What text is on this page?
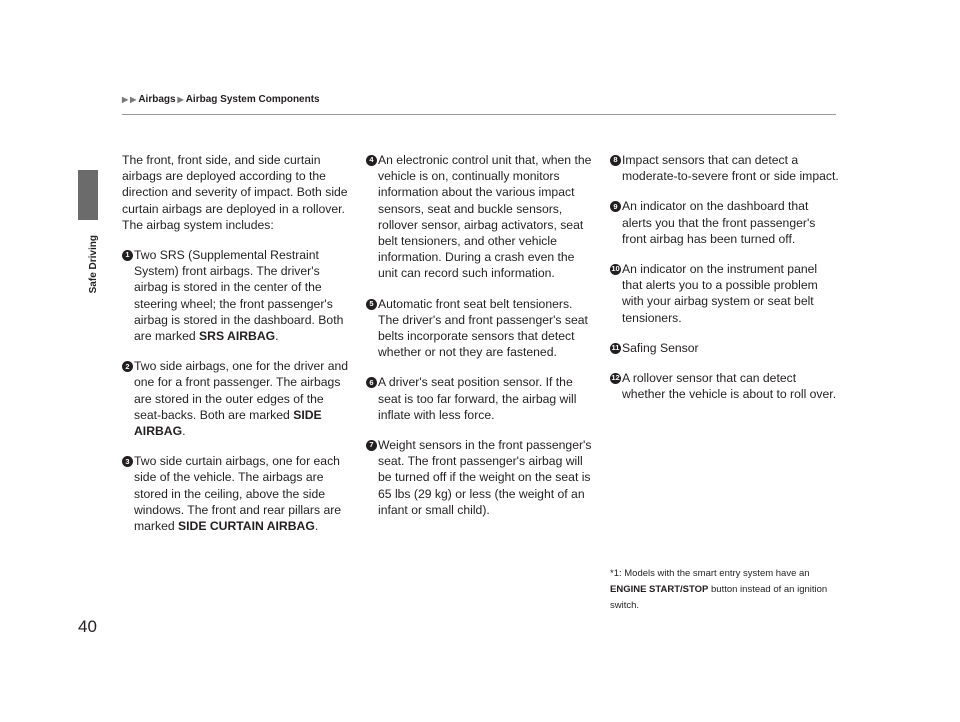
▶ ▶ Airbags ▶ Airbag System Components
Safe Driving

The front, front side, and side curtain airbags are deployed according to the direction and severity of impact. Both side curtain airbags are deployed in a rollover. The airbag system includes:

1 Two SRS (Supplemental Restraint System) front airbags. The driver's airbag is stored in the center of the steering wheel; the front passenger's airbag is stored in the dashboard. Both are marked SRS AIRBAG.
2 Two side airbags, one for the driver and one for a front passenger. The airbags are stored in the outer edges of the seat-backs. Both are marked SIDE AIRBAG.
3 Two side curtain airbags, one for each side of the vehicle. The airbags are stored in the ceiling, above the side windows. The front and rear pillars are marked SIDE CURTAIN AIRBAG.
4 An electronic control unit that, when the vehicle is on, continually monitors information about the various impact sensors, seat and buckle sensors, rollover sensor, airbag activators, seat belt tensioners, and other vehicle information. During a crash even the unit can record such information.
5 Automatic front seat belt tensioners. The driver's and front passenger's seat belts incorporate sensors that detect whether or not they are fastened.
6 A driver's seat position sensor. If the seat is too far forward, the airbag will inflate with less force.
7 Weight sensors in the front passenger's seat. The front passenger's airbag will be turned off if the weight on the seat is 65 lbs (29 kg) or less (the weight of an infant or small child).
8 Impact sensors that can detect a moderate-to-severe front or side impact.
9 An indicator on the dashboard that alerts you that the front passenger's front airbag has been turned off.
10 An indicator on the instrument panel that alerts you to a possible problem with your airbag system or seat belt tensioners.
11 Safing Sensor
12 A rollover sensor that can detect whether the vehicle is about to roll over.
*1: Models with the smart entry system have an ENGINE START/STOP button instead of an ignition switch.
40
